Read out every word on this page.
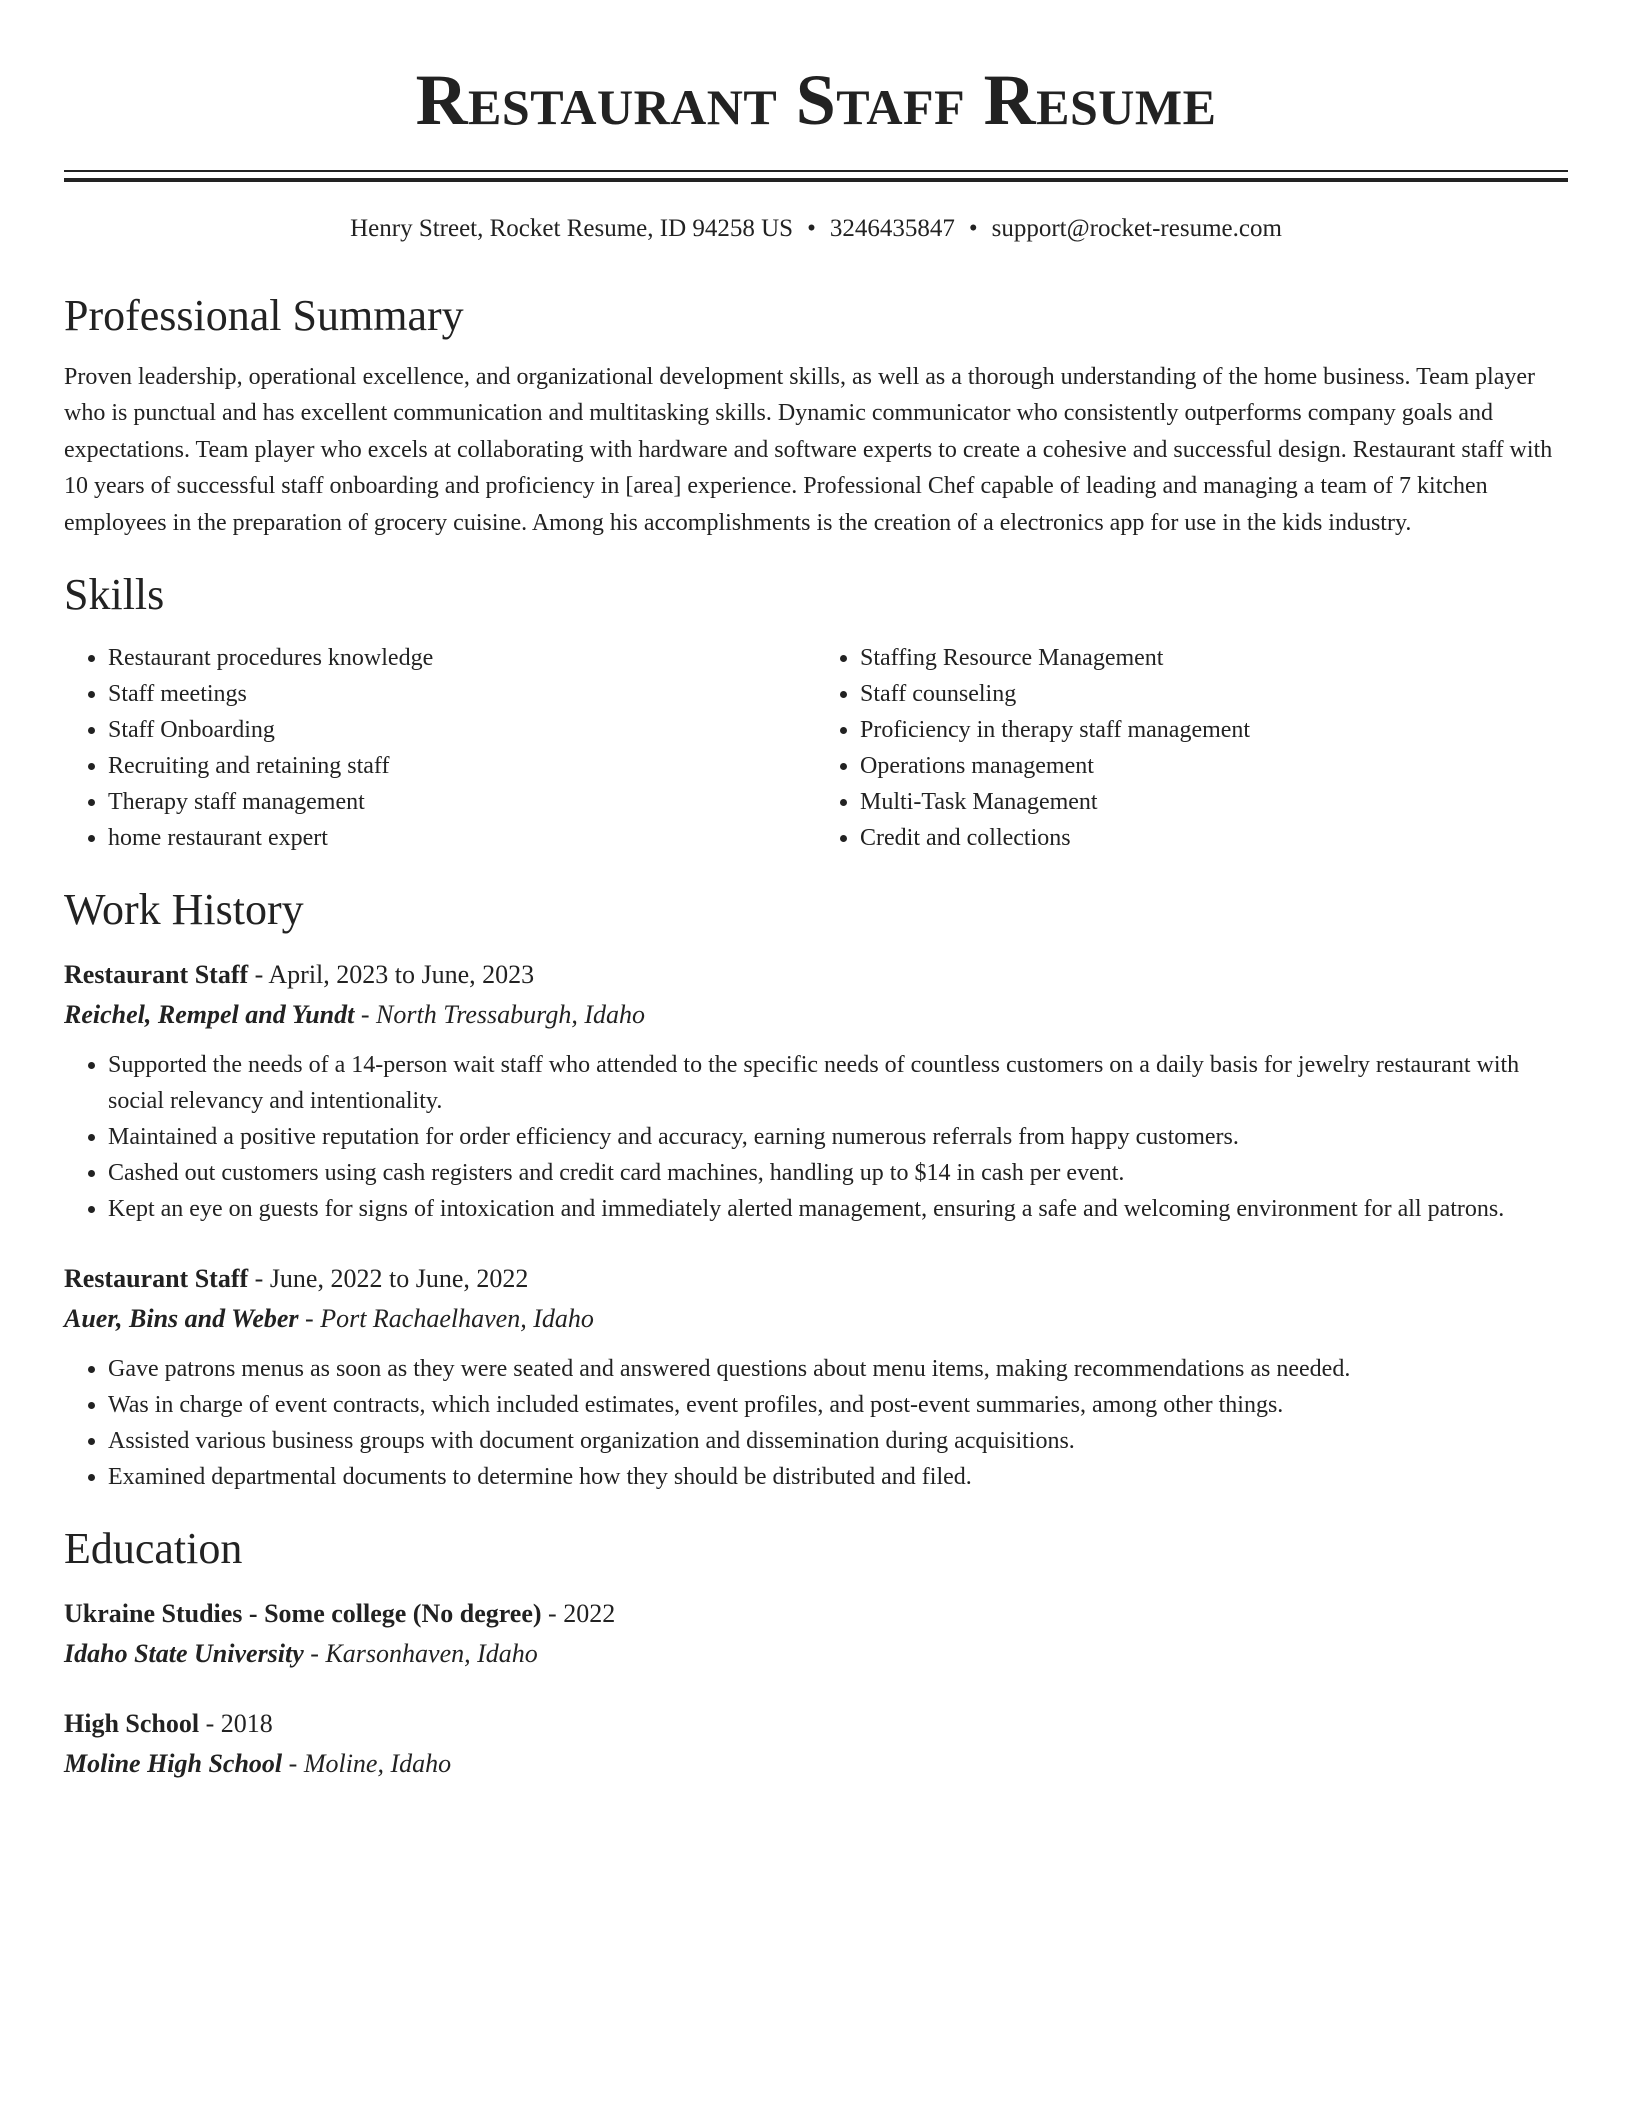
Restaurant Staff Resume
Henry Street, Rocket Resume, ID 94258 US • 3246435847 • support@rocket-resume.com
Professional Summary

Proven leadership, operational excellence, and organizational development skills, as well as a thorough understanding of the home business. Team player who is punctual and has excellent communication and multitasking skills. Dynamic communicator who consistently outperforms company goals and expectations. Team player who excels at collaborating with hardware and software experts to create a cohesive and successful design. Restaurant staff with 10 years of successful staff onboarding and proficiency in [area] experience. Professional Chef capable of leading and managing a team of 7 kitchen employees in the preparation of grocery cuisine. Among his accomplishments is the creation of a electronics app for use in the kids industry.

Skills
• Restaurant procedures knowledge
• Staff meetings
• Staff Onboarding
• Recruiting and retaining staff
• Therapy staff management
• home restaurant expert
• Staffing Resource Management
• Staff counseling
• Proficiency in therapy staff management
• Operations management
• Multi-Task Management
• Credit and collections
Work History
Restaurant Staff - April, 2023 to June, 2023
Reichel, Rempel and Yundt - North Tressaburgh, Idaho
• Supported the needs of a 14-person wait staff who attended to the specific needs of countless customers on a daily basis for jewelry restaurant with social relevancy and intentionality.
• Maintained a positive reputation for order efficiency and accuracy, earning numerous referrals from happy customers.
• Cashed out customers using cash registers and credit card machines, handling up to $14 in cash per event.
• Kept an eye on guests for signs of intoxication and immediately alerted management, ensuring a safe and welcoming environment for all patrons.
Restaurant Staff - June, 2022 to June, 2022
Auer, Bins and Weber - Port Rachaelhaven, Idaho
• Gave patrons menus as soon as they were seated and answered questions about menu items, making recommendations as needed.
• Was in charge of event contracts, which included estimates, event profiles, and post-event summaries, among other things.
• Assisted various business groups with document organization and dissemination during acquisitions.
• Examined departmental documents to determine how they should be distributed and filed.
Education
Ukraine Studies - Some college (No degree) - 2022
Idaho State University - Karsonhaven, Idaho
High School - 2018
Moline High School - Moline, Idaho
